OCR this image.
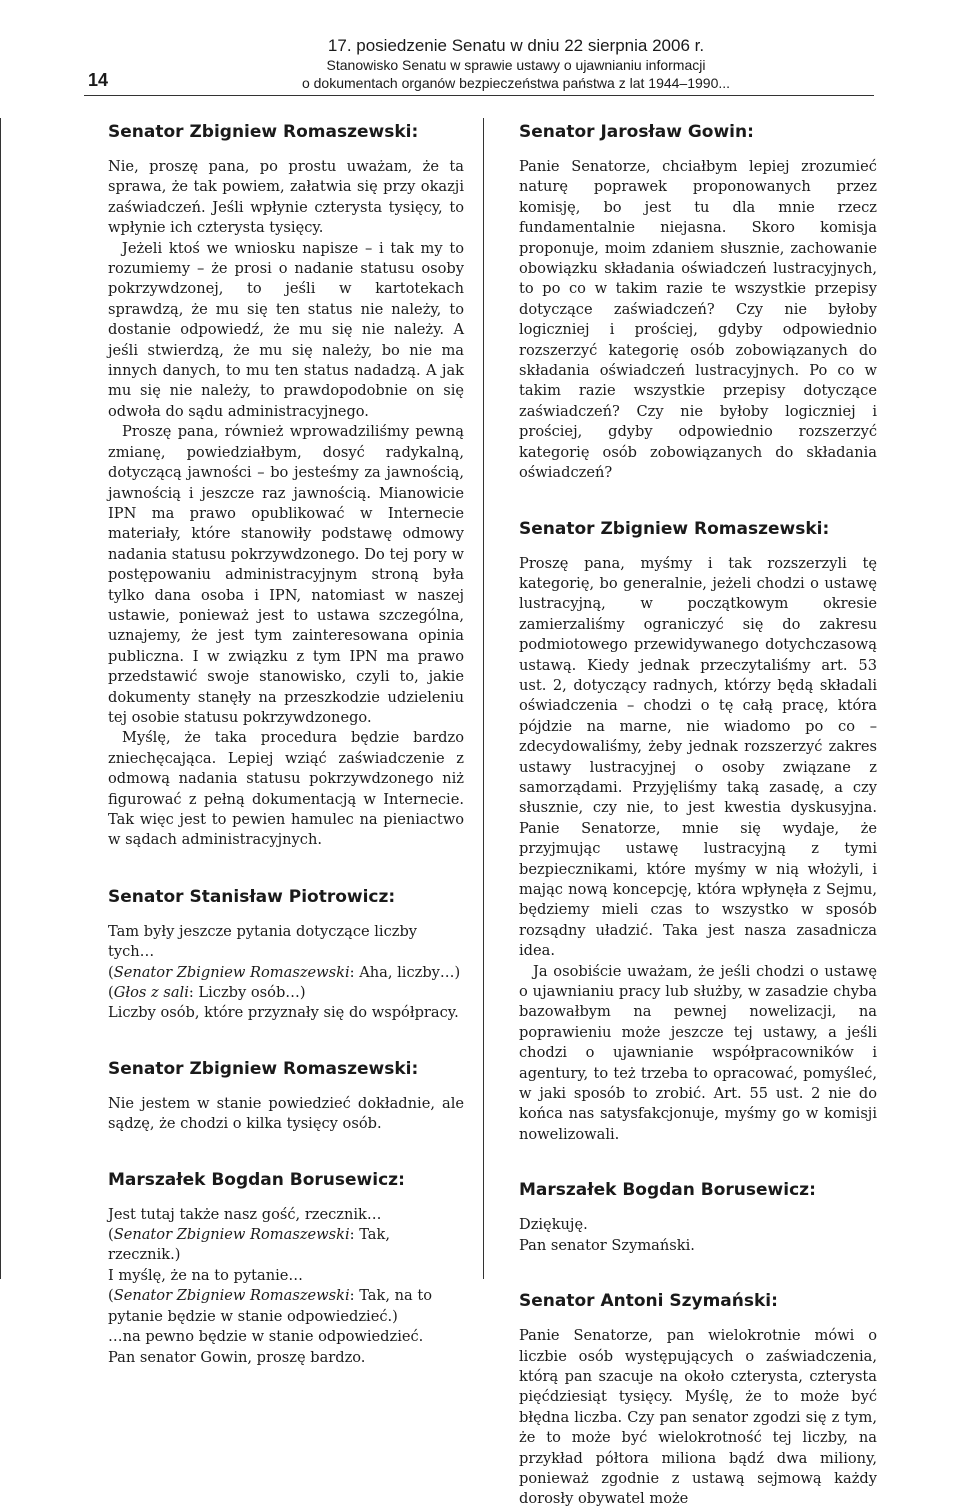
14
17. posiedzenie Senatu w dniu 22 sierpnia 2006 r.
Stanowisko Senatu w sprawie ustawy o ujawnianiu informacji
o dokumentach organów bezpieczeństwa państwa z lat 1944–1990...
Senator Zbigniew Romaszewski:

Nie, proszę pana, po prostu uważam, że ta sprawa, że tak powiem, załatwia się przy okazji zaświadczeń. Jeśli wpłynie czterysta tysięcy, to wpłynie ich czterysta tysięcy.

Jeżeli ktoś we wniosku napisze – i tak my to rozumiemy – że prosi o nadanie statusu osoby pokrzywdzonej, to jeśli w kartotekach sprawdzą, że mu się ten status nie należy, to dostanie odpowiedź, że mu się nie należy. A jeśli stwierdzą, że mu się należy, bo nie ma innych danych, to mu ten status nadadzą. A jak mu się nie należy, to prawdopodobnie on się odwoła do sądu administracyjnego.

Proszę pana, również wprowadziliśmy pewną zmianę, powiedziałbym, dosyć radykalną, dotyczącą jawności – bo jesteśmy za jawnością, jawnością i jeszcze raz jawnością. Mianowicie IPN ma prawo opublikować w Internecie materiały, które stanowiły podstawę odmowy nadania statusu pokrzywdzonego. Do tej pory w postępowaniu administracyjnym stroną była tylko dana osoba i IPN, natomiast w naszej ustawie, ponieważ jest to ustawa szczególna, uznajemy, że jest tym zainteresowana opinia publiczna. I w związku z tym IPN ma prawo przedstawić swoje stanowisko, czyli to, jakie dokumenty stanęły na przeszkodzie udzieleniu tej osobie statusu pokrzywdzonego.

Myślę, że taka procedura będzie bardzo zniechęcająca. Lepiej wziąć zaświadczenie z odmową nadania statusu pokrzywdzonego niż figurować z pełną dokumentacją w Internecie. Tak więc jest to pewien hamulec na pieniactwo w sądach administracyjnych.

Senator Stanisław Piotrowicz:

Tam były jeszcze pytania dotyczące liczby tych…

(Senator Zbigniew Romaszewski: Aha, liczby…)

(Głos z sali: Liczby osób…)

Liczby osób, które przyznały się do współpracy.

Senator Zbigniew Romaszewski:

Nie jestem w stanie powiedzieć dokładnie, ale sądzę, że chodzi o kilka tysięcy osób.

Marszałek Bogdan Borusewicz:

Jest tutaj także nasz gość, rzecznik…

(Senator Zbigniew Romaszewski: Tak, rzecznik.)

I myślę, że na to pytanie…

(Senator Zbigniew Romaszewski: Tak, na to pytanie będzie w stanie odpowiedzieć.)

…na pewno będzie w stanie odpowiedzieć.

Pan senator Gowin, proszę bardzo.

Senator Jarosław Gowin:

Panie Senatorze, chciałbym lepiej zrozumieć naturę poprawek proponowanych przez komisję, bo jest tu dla mnie rzecz fundamentalnie niejasna. Skoro komisja proponuje, moim zdaniem słusznie, zachowanie obowiązku składania oświadczeń lustracyjnych, to po co w takim razie te wszystkie przepisy dotyczące zaświadczeń? Czy nie byłoby logiczniej i prościej, gdyby odpowiednio rozszerzyć kategorię osób zobowiązanych do składania oświadczeń lustracyjnych. Po co w takim razie wszystkie przepisy dotyczące zaświadczeń? Czy nie byłoby logiczniej i prościej, gdyby odpowiednio rozszerzyć kategorię osób zobowiązanych do składania oświadczeń?

Senator Zbigniew Romaszewski:

Proszę pana, myśmy i tak rozszerzyli tę kategorię, bo generalnie, jeżeli chodzi o ustawę lustracyjną, w początkowym okresie zamierzaliśmy ograniczyć się do zakresu podmiotowego przewidywanego dotychczasową ustawą. Kiedy jednak przeczytaliśmy art. 53 ust. 2, dotyczący radnych, którzy będą składali oświadczenia – chodzi o tę całą pracę, która pójdzie na marne, nie wiadomo po co – zdecydowaliśmy, żeby jednak rozszerzyć zakres ustawy lustracyjnej o osoby związane z samorządami. Przyjęliśmy taką zasadę, a czy słusznie, czy nie, to jest kwestia dyskusyjna. Panie Senatorze, mnie się wydaje, że przyjmując ustawę lustracyjną z tymi bezpiecznikami, które myśmy w nią włożyli, i mając nową koncepcję, która wpłynęła z Sejmu, będziemy mieli czas to wszystko w sposób rozsądny uładzić. Taka jest nasza zasadnicza idea.

Ja osobiście uważam, że jeśli chodzi o ustawę o ujawnianiu pracy lub służby, w zasadzie chyba bazowałbym na pewnej nowelizacji, na poprawieniu może jeszcze tej ustawy, a jeśli chodzi o ujawnianie współpracowników i agentury, to też trzeba to opracować, pomyśleć, w jaki sposób to zrobić. Art. 55 ust. 2 nie do końca nas satysfakcjonuje, myśmy go w komisji nowelizowali.

Marszałek Bogdan Borusewicz:

Dziękuję.

Pan senator Szymański.

Senator Antoni Szymański:

Panie Senatorze, pan wielokrotnie mówi o liczbie osób występujących o zaświadczenia, którą pan szacuje na około czterysta, czterysta pięćdziesiąt tysięcy. Myślę, że to może być błędna liczba. Czy pan senator zgodzi się z tym, że to może być wielokrotność tej liczby, na przykład półtora miliona bądź dwa miliony, ponieważ zgodnie z ustawą sejmową każdy dorosły obywatel może
